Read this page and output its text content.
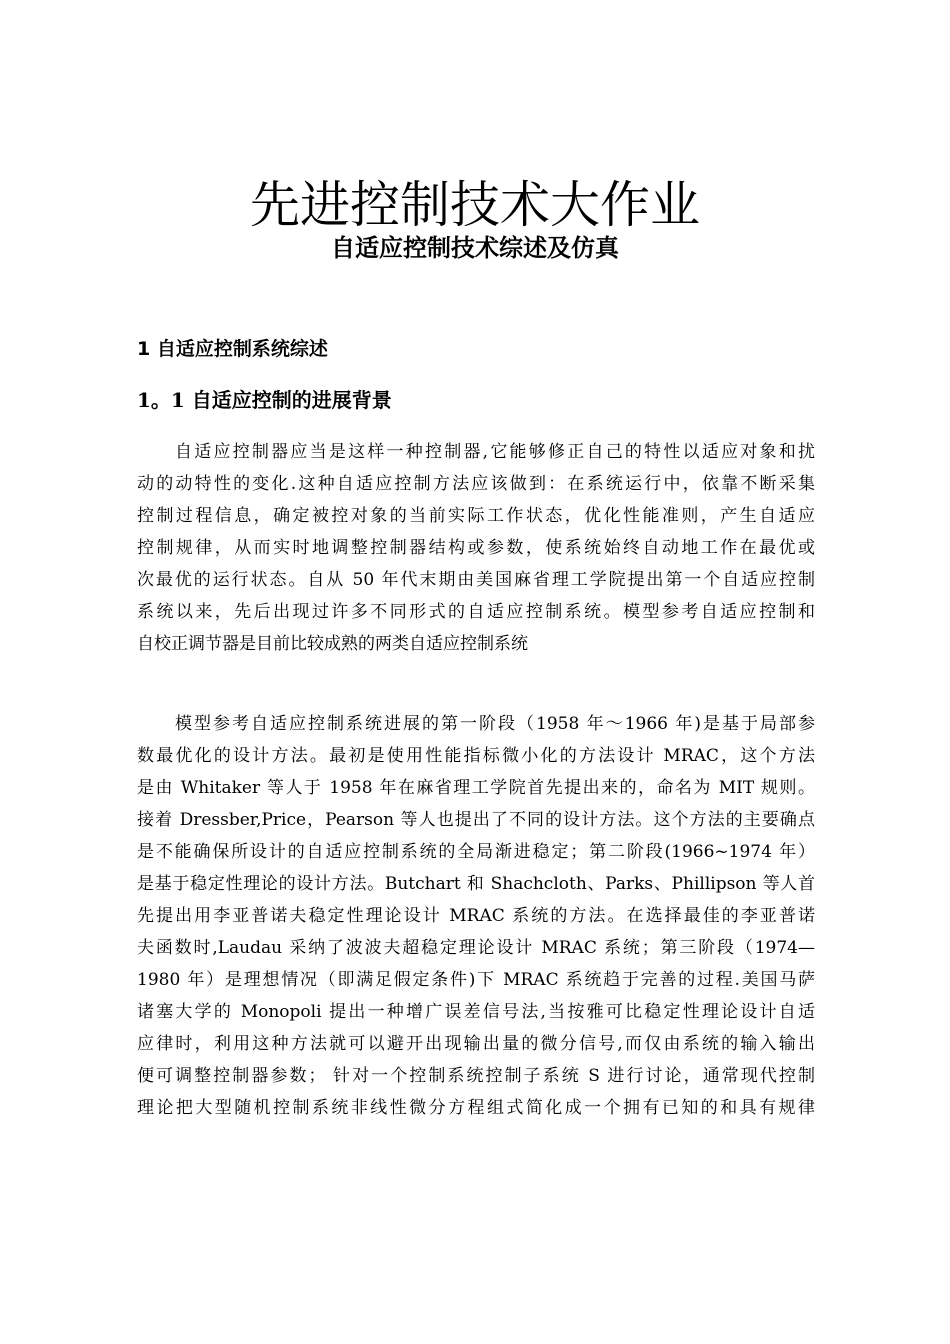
先进控制技术大作业
自适应控制技术综述及仿真
1 自适应控制系统综述
1。1 自适应控制的进展背景
自适应控制器应当是这样一种控制器,它能够修正自己的特性以适应对象和扰
动的动特性的变化.这种自适应控制方法应该做到：在系统运行中，依靠不断采集
控制过程信息，确定被控对象的当前实际工作状态，优化性能准则，产生自适应
控制规律，从而实时地调整控制器结构或参数，使系统始终自动地工作在最优或
次最优的运行状态。自从 50 年代末期由美国麻省理工学院提出第一个自适应控制
系统以来，先后出现过许多不同形式的自适应控制系统。模型参考自适应控制和
自校正调节器是目前比较成熟的两类自适应控制系统
模型参考自适应控制系统进展的第一阶段（1958 年～1966 年)是基于局部参
数最优化的设计方法。最初是使用性能指标微小化的方法设计 MRAC，这个方法
是由 Whitaker 等人于 1958 年在麻省理工学院首先提出来的，命名为 MIT 规则。
接着 Dressber,Price，Pearson 等人也提出了不同的设计方法。这个方法的主要确点
是不能确保所设计的自适应控制系统的全局渐进稳定；第二阶段(1966~1974 年）
是基于稳定性理论的设计方法。Butchart 和 Shachcloth、Parks、Phillipson 等人首
先提出用李亚普诺夫稳定性理论设计 MRAC 系统的方法。在选择最佳的李亚普诺
夫函数时,Laudau 采纳了波波夫超稳定理论设计 MRAC 系统；第三阶段（1974—
1980 年）是理想情况（即满足假定条件)下 MRAC 系统趋于完善的过程.美国马萨
诸塞大学的 Monopoli 提出一种增广误差信号法,当按雅可比稳定性理论设计自适
应律时，利用这种方法就可以避开出现输出量的微分信号,而仅由系统的输入输出
便可调整控制器参数； 针对一个控制系统控制子系统 S 进行讨论，通常现代控制
理论把大型随机控制系统非线性微分方程组式简化成一个拥有已知的和具有规律
